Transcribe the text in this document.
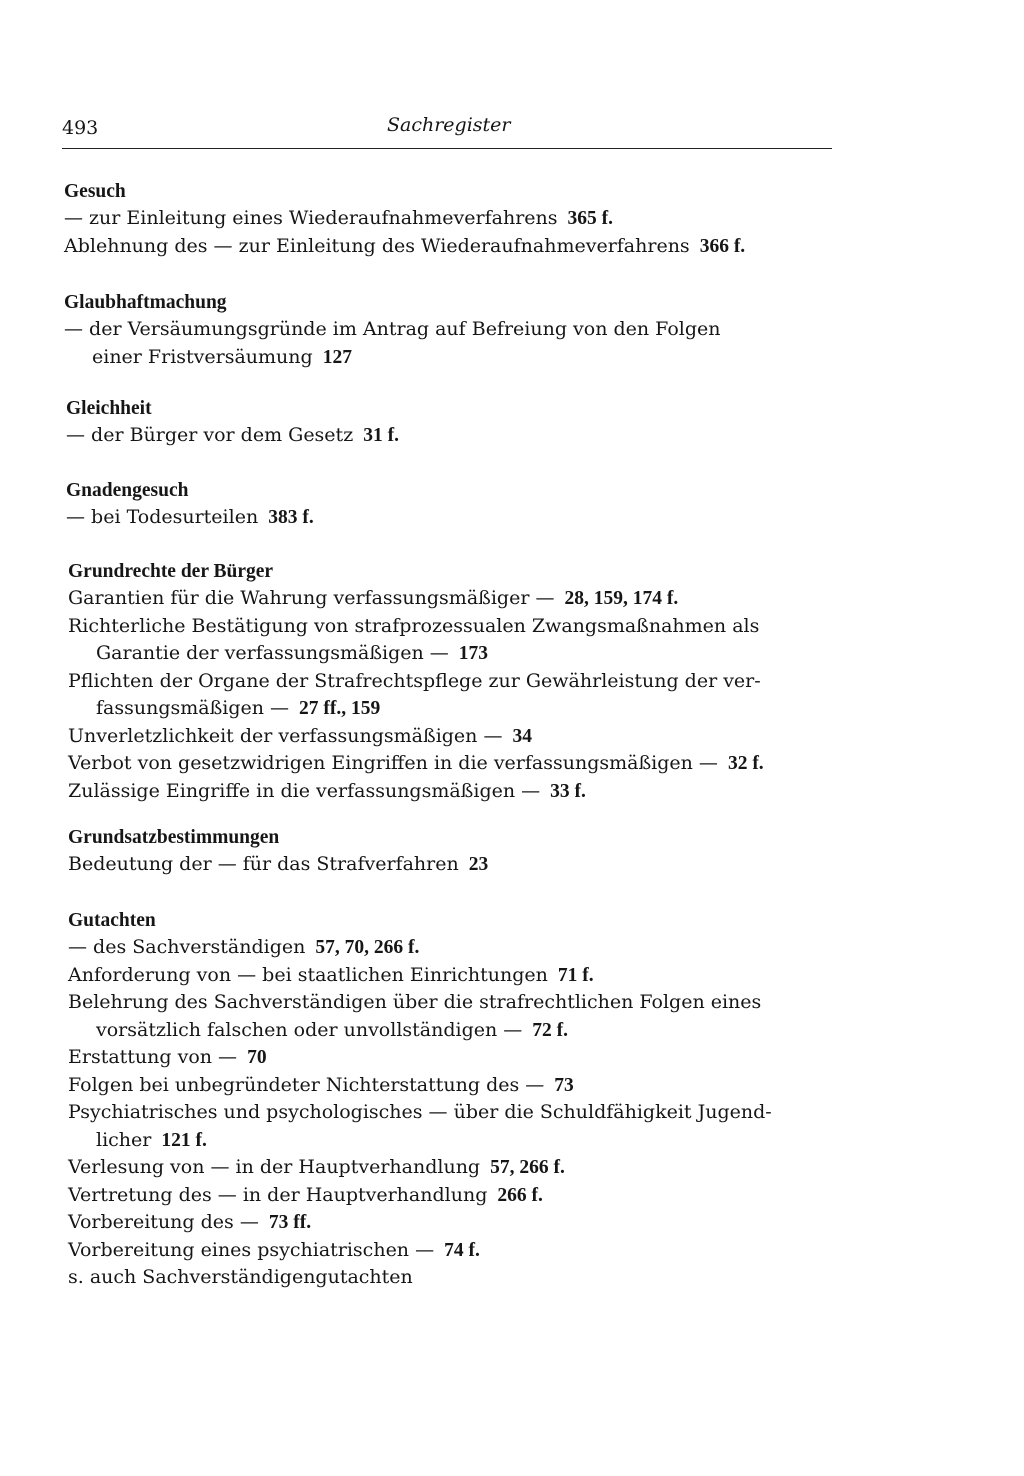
493	Sachregister
Gesuch
— zur Einleitung eines Wiederaufnahmeverfahrens 365 f.
Ablehnung des — zur Einleitung des Wiederaufnahmeverfahrens 366 f.
Glaubhaftmachung
— der Versäumungsgründe im Antrag auf Befreiung von den Folgen
einer Fristversäumung 127
Gleichheit
— der Bürger vor dem Gesetz 31 f.
Gnadengesuch
— bei Todesurteilen 383 f.
Grundrechte der Bürger
Garantien für die Wahrung verfassungsmäßiger — 28, 159, 174 f.
Richterliche Bestätigung von strafprozessualen Zwangsmaßnahmen als
Garantie der verfassungsmäßigen — 173
Pflichten der Organe der Strafrechtspflege zur Gewährleistung der ver-
fassungsmäßigen — 27 ff., 159
Unverletzlichkeit der verfassungsmäßigen — 34
Verbot von gesetzwidrigen Eingriffen in die verfassungsmäßigen — 32 f.
Zulässige Eingriffe in die verfassungsmäßigen — 33 f.
Grundsatzbestimmungen
Bedeutung der — für das Strafverfahren 23
Gutachten
— des Sachverständigen 57, 70, 266 f.
Anforderung von — bei staatlichen Einrichtungen 71 f.
Belehrung des Sachverständigen über die strafrechtlichen Folgen eines
vorsätzlich falschen oder unvollständigen — 72 f.
Erstattung von — 70
Folgen bei unbegründeter Nichterstattung des — 73
Psychiatrisches und psychologisches — über die Schuldfähigkeit Jugend-
licher 121 f.
Verlesung von — in der Hauptverhandlung 57, 266 f.
Vertretung des — in der Hauptverhandlung 266 f.
Vorbereitung des — 73 ff.
Vorbereitung eines psychiatrischen — 74 f.
s. auch Sachverständigengutachten
